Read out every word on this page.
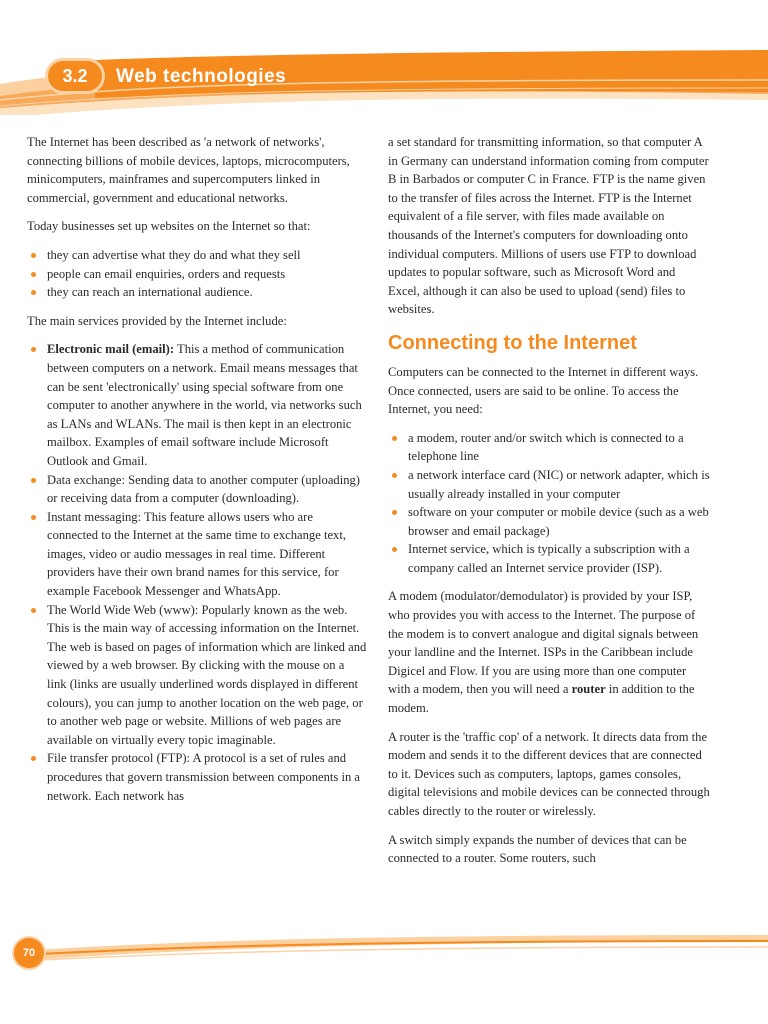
3.2	Web technologies

The Internet has been described as 'a network of networks', connecting billions of mobile devices, laptops, microcomputers, minicomputers, mainframes and supercomputers linked in commercial, government and educational networks.

Today businesses set up websites on the Internet so that:

they can advertise what they do and what they sell
people can email enquiries, orders and requests
they can reach an international audience.

The main services provided by the Internet include:

Electronic mail (email): This a method of communication between computers on a network. Email means messages that can be sent 'electronically' using special software from one computer to another anywhere in the world, via networks such as LANs and WLANs. The mail is then kept in an electronic mailbox. Examples of email software include Microsoft Outlook and Gmail.
Data exchange: Sending data to another computer (uploading) or receiving data from a computer (downloading).
Instant messaging: This feature allows users who are connected to the Internet at the same time to exchange text, images, video or audio messages in real time. Different providers have their own brand names for this service, for example Facebook Messenger and WhatsApp.
The World Wide Web (www): Popularly known as the web. This is the main way of accessing information on the Internet. The web is based on pages of information which are linked and viewed by a web browser. By clicking with the mouse on a link (links are usually underlined words displayed in different colours), you can jump to another location on the web page, or to another web page or website. Millions of web pages are available on virtually every topic imaginable.
File transfer protocol (FTP): A protocol is a set of rules and procedures that govern transmission between components in a network. Each network has

a set standard for transmitting information, so that computer A in Germany can understand information coming from computer B in Barbados or computer C in France. FTP is the name given to the transfer of files across the Internet. FTP is the Internet equivalent of a file server, with files made available on thousands of the Internet's computers for downloading onto individual computers. Millions of users use FTP to download updates to popular software, such as Microsoft Word and Excel, although it can also be used to upload (send) files to websites.

Connecting to the Internet

Computers can be connected to the Internet in different ways. Once connected, users are said to be online. To access the Internet, you need:

a modem, router and/or switch which is connected to a telephone line
a network interface card (NIC) or network adapter, which is usually already installed in your computer
software on your computer or mobile device (such as a web browser and email package)
Internet service, which is typically a subscription with a company called an Internet service provider (ISP).

A modem (modulator/demodulator) is provided by your ISP, who provides you with access to the Internet. The purpose of the modem is to convert analogue and digital signals between your landline and the Internet. ISPs in the Caribbean include Digicel and Flow. If you are using more than one computer with a modem, then you will need a router in addition to the modem.

A router is the 'traffic cop' of a network. It directs data from the modem and sends it to the different devices that are connected to it. Devices such as computers, laptops, games consoles, digital televisions and mobile devices can be connected through cables directly to the router or wirelessly.

A switch simply expands the number of devices that can be connected to a router. Some routers, such

70
